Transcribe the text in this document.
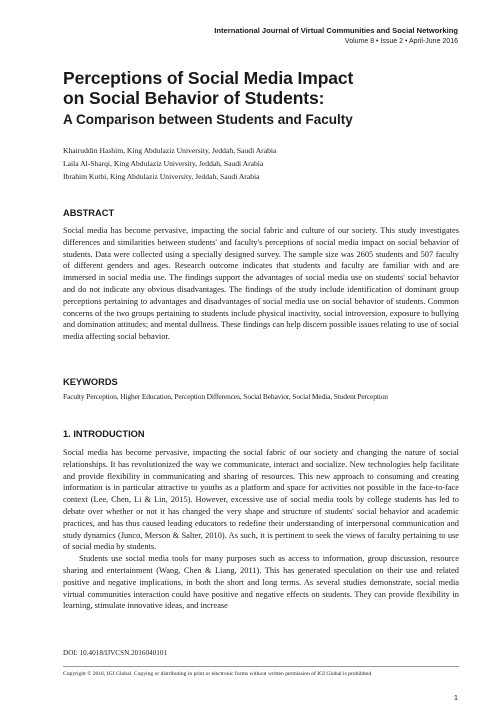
International Journal of Virtual Communities and Social Networking
Volume 8 • Issue 2 • April-June 2016
Perceptions of Social Media Impact
on Social Behavior of Students:
A Comparison between Students and Faculty
Khairuddin Hashim, King Abdulaziz University, Jeddah, Saudi Arabia
Laila Al-Sharqi, King Abdulaziz University, Jeddah, Saudi Arabia
Ibrahim Kutbi, King Abdulaziz University, Jeddah, Saudi Arabia
ABSTRACT

Social media has become pervasive, impacting the social fabric and culture of our society. This study investigates differences and similarities between students' and faculty's perceptions of social media impact on social behavior of students. Data were collected using a specially designed survey. The sample size was 2605 students and 507 faculty of different genders and ages. Research outcome indicates that students and faculty are familiar with and are immersed in social media use. The findings support the advantages of social media use on students' social behavior and do not indicate any obvious disadvantages. The findings of the study include identification of dominant group perceptions pertaining to advantages and disadvantages of social media use on social behavior of students. Common concerns of the two groups pertaining to students include physical inactivity, social introversion, exposure to bullying and domination attitudes; and mental dullness. These findings can help discern possible issues relating to use of social media affecting social behavior.

KEYWORDS
Faculty Perception, Higher Education, Perception Differences, Social Behavior, Social Media, Student Perception
1. INTRODUCTION

Social media has become pervasive, impacting the social fabric of our society and changing the nature of social relationships. It has revolutionized the way we communicate, interact and socialize. New technologies help facilitate and provide flexibility in communicating and sharing of resources. This new approach to consuming and creating information is in particular attractive to youths as a platform and space for activities not possible in the face-to-face context (Lee, Chen, Li & Lin, 2015). However, excessive use of social media tools by college students has led to debate over whether or not it has changed the very shape and structure of students' social behavior and academic practices, and has thus caused leading educators to redefine their understanding of interpersonal communication and study dynamics (Junco, Merson & Salter, 2010). As such, it is pertinent to seek the views of faculty pertaining to use of social media by students.

Students use social media tools for many purposes such as access to information, group discussion, resource sharing and entertainment (Wang, Chen & Liang, 2011). This has generated speculation on their use and related positive and negative implications, in both the short and long terms. As several studies demonstrate, social media virtual communities interaction could have positive and negative effects on students. They can provide flexibility in learning, stimulate innovative ideas, and increase

DOI: 10.4018/IJVCSN.2016040101
Copyright © 2016, IGI Global. Copying or distributing in print or electronic forms without written permission of IGI Global is prohibited.
1
